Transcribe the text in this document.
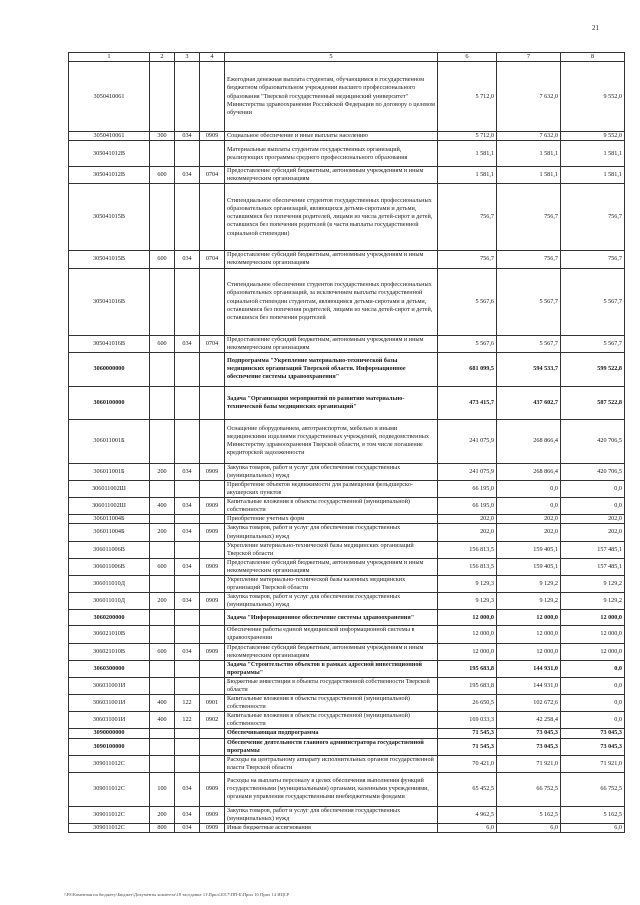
21
1	2	3	4	5	6	7	8
3050410061				Ежегодная денежная выплата студентам, обучающимся в государственном бюджетном образовательном учреждении высшего профессионального образования "Тверской государственный медицинский университет" Министерства здравоохранения Российской Федерации по договору о целевом обучении	5 712,0	7 632,0	9 552,0
3050410061	300	034	0909	Социальное обеспечение и иные выплаты населению	5 712,0	7 632,0	9 552,0
305041012В				Материальные выплаты студентам государственных организаций, реализующих программы среднего профессионального образования	1 581,1	1 581,1	1 581,1
305041012В	600	034	0704	Предоставление субсидий бюджетным, автономным учреждениям и иным некоммерческим организациям	1 581,1	1 581,1	1 581,1
305041015В				Стипендиальное обеспечение студентов государственных профессиональных образовательных организаций, являющихся детьми-сиротами и детьми, оставшимися без попечения родителей, лицами из числа детей-сирот и детей, оставшихся без попечения родителей (в части выплаты государственной социальной стипендии)	756,7	756,7	756,7
305041015В	600	034	0704	Предоставление субсидий бюджетным, автономным учреждениям и иным некоммерческим организациям	756,7	756,7	756,7
305041016В				Стипендиальное обеспечение студентов государственных профессиональных образовательных организаций, за исключением выплаты государственной социальной стипендии студентам, являющимся детьми-сиротами и детьми, оставшимися без попечения родителей, лицами из числа детей-сирот и детей, оставшихся без попечения родителей	5 567,6	5 567,7	5 567,7
305041016В	600	034	0704	Предоставление субсидий бюджетным, автономным учреждениям и иным некоммерческим организациям	5 567,6	5 567,7	5 567,7
3060000000				Подпрограмма "Укрепление материально-технической базы медицинских организаций Тверской области. Информационное обеспечение системы здравоохранения"	681 099,5	594 533,7	599 522,8
3060100000				Задача "Организация мероприятий по развитию материально-технической базы медицинских организаций"	473 415,7	437 602,7	587 522,8
306011001Б				Оснащение оборудованием, автотранспортом, мебелью и иными медицинскими изделиями государственных учреждений, подведомственных Министерству здравоохранения Тверской области, в том числе погашение кредиторской задолженности	241 075,9	268 866,4	420 706,5
306011001Б	200	034	0909	Закупка товаров, работ и услуг для обеспечения государственных (муниципальных) нужд	241 075,9	268 866,4	420 706,5
306011002Ш				Приобретение объектов недвижимости для размещения фельдшерско-акушерских пунктов	66 195,0	0,0	0,0
306011002Ш	400	034	0909	Капитальные вложения в объекты государственной (муниципальной) собственности	66 195,0	0,0	0,0
306011004Б				Приобретение учетных форм	202,0	202,0	202,0
306011004Б	200	034	0909	Закупка товаров, работ и услуг для обеспечения государственных (муниципальных) нужд	202,0	202,0	202,0
306011006В				Укрепление материально-технической базы медицинских организаций Тверской области	156 813,5	159 405,1	157 485,1
306011006В	600	034	0909	Предоставление субсидий бюджетным, автономным учреждениям и иным некоммерческим организациям	156 813,5	159 405,1	157 485,1
306011010Д				Укрепление материально-технической базы казенных медицинских организаций Тверской области	9 129,3	9 129,2	9 129,2
306011010Д	200	034	0909	Закупка товаров, работ и услуг для обеспечения государственных (муниципальных) нужд	9 129,3	9 129,2	9 129,2
3060200000				Задача "Информационное обеспечение системы здравоохранения"	12 000,0	12 000,0	12 000,0
306021010В				Обеспечение работы единой медицинской информационной системы в здравоохранении	12 000,0	12 000,0	12 000,0
306021010В	600	034	0909	Предоставление субсидий бюджетным, автономным учреждениям и иным некоммерческим организациям	12 000,0	12 000,0	12 000,0
3060300000				Задача "Строительство объектов в рамках адресной инвестиционной программы"	195 683,8	144 931,0	0,0
306031001И				Бюджетные инвестиции в объекты государственной собственности Тверской области	195 683,8	144 931,0	0,0
306031001И	400	122	0901	Капитальные вложения в объекты государственной (муниципальной) собственности	26 650,5	102 672,6	0,0
306031001И	400	122	0902	Капитальные вложения в объекты государственной (муниципальной) собственности	169 033,3	42 258,4	0,0
3090000000				Обеспечивающая подпрограмма	71 545,3	73 045,3	73 045,3
3090100000				Обеспечение деятельности главного администратора государственной программы	71 545,3	73 045,3	73 045,3
309011012С				Расходы на центральному аппарату исполнительных органов государственной власти Тверской области	70 421,0	71 921,0	71 921,0
309011012С	100	034	0909	Расходы на выплаты персоналу в целях обеспечения выполнения функций государственными (муниципальными) органами, казенными учреждениями, органами управления государственными внебюджетными фондами	65 452,5	66 752,5	66 752,5
309011012С	200	034	0909	Закупка товаров, работ и услуг для обеспечения государственных (муниципальных) нужд	4 962,5	5 162,5	5 162,5
309011012С	800	034	0909	Иные бюджетные ассигнования	6,0	6,0	6,0
\\FS\Каменная на бюджету\Бюджет\Документы комитета\18 заседание 11\Прил\2017\ПП-Б\Прил 10 Прил 14 ИЦСР
